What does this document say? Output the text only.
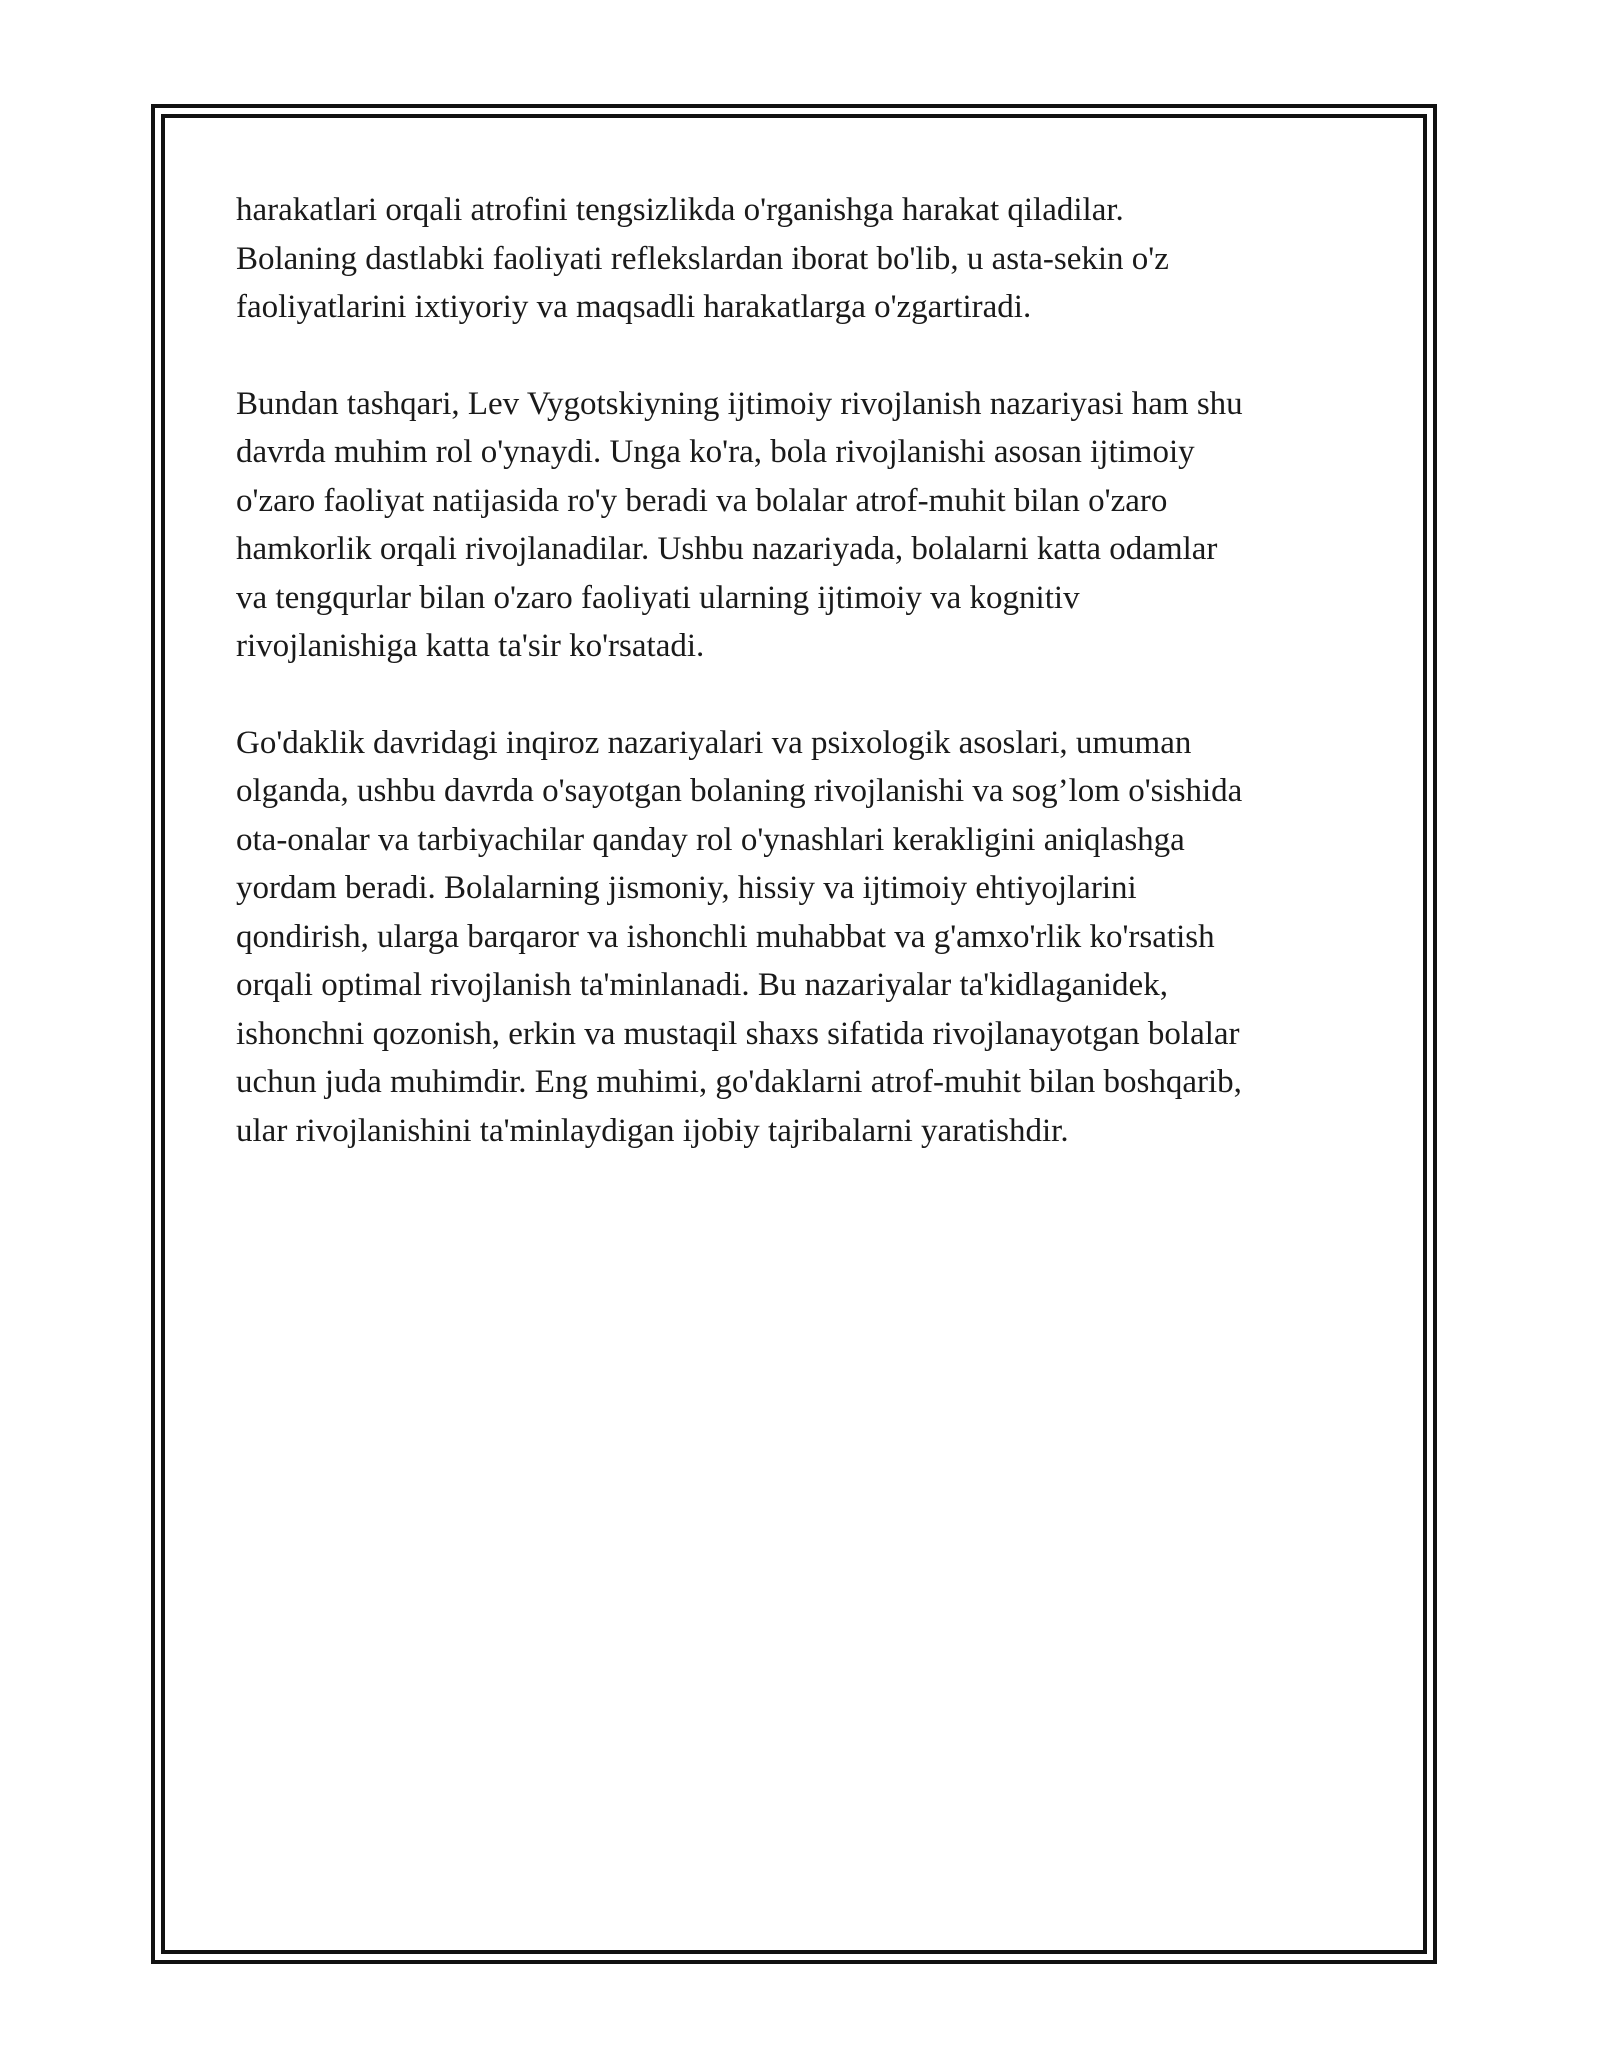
harakatlari orqali atrofini tengsizlikda o'rganishga harakat qiladilar.
Bolaning dastlabki faoliyati reflekslardan iborat bo'lib, u asta-sekin o'z
faoliyatlarini ixtiyoriy va maqsadli harakatlarga o'zgartiradi.

Bundan tashqari, Lev Vygotskiyning ijtimoiy rivojlanish nazariyasi ham shu
davrda muhim rol o'ynaydi. Unga ko'ra, bola rivojlanishi asosan ijtimoiy
o'zaro faoliyat natijasida ro'y beradi va bolalar atrof-muhit bilan o'zaro
hamkorlik orqali rivojlanadilar. Ushbu nazariyada, bolalarni katta odamlar
va tengqurlar bilan o'zaro faoliyati ularning ijtimoiy va kognitiv
rivojlanishiga katta ta'sir ko'rsatadi.

Go'daklik davridagi inqiroz nazariyalari va psixologik asoslari, umuman
olganda, ushbu davrda o'sayotgan bolaning rivojlanishi va sog’lom o'sishida
ota-onalar va tarbiyachilar qanday rol o'ynashlari kerakligini aniqlashga
yordam beradi. Bolalarning jismoniy, hissiy va ijtimoiy ehtiyojlarini
qondirish, ularga barqaror va ishonchli muhabbat va g'amxo'rlik ko'rsatish
orqali optimal rivojlanish ta'minlanadi. Bu nazariyalar ta'kidlaganidek,
ishonchni qozonish, erkin va mustaqil shaxs sifatida rivojlanayotgan bolalar
uchun juda muhimdir. Eng muhimi, go'daklarni atrof-muhit bilan boshqarib,
ular rivojlanishini ta'minlaydigan ijobiy tajribalarni yaratishdir.
